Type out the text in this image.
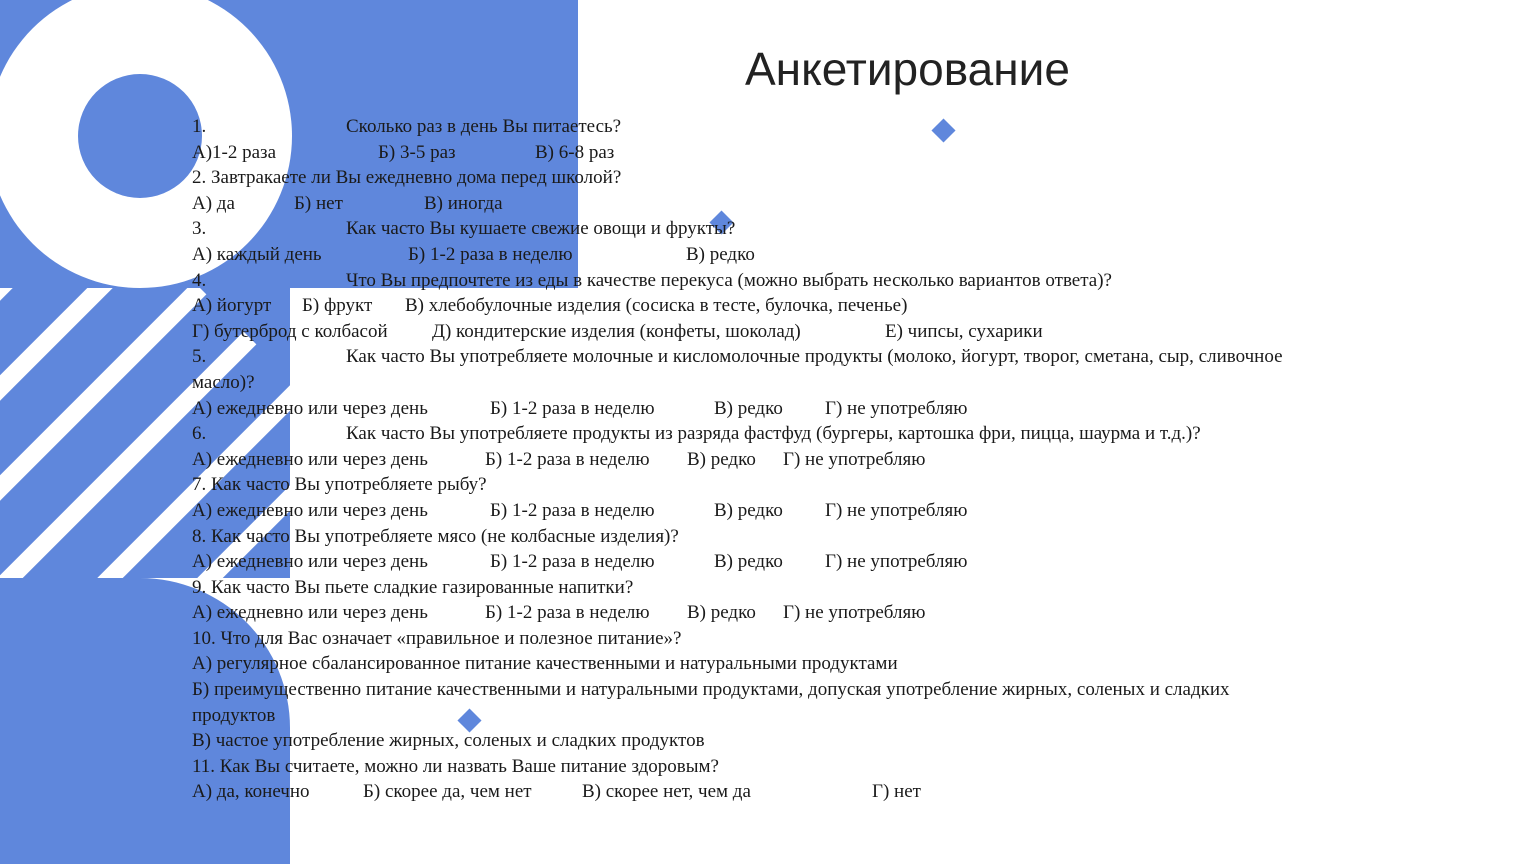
Анкетирование
1.	Сколько раз в день Вы питаетесь?
А)1-2 раза	Б) 3-5 раз	В) 6-8 раз
2. Завтракаете ли Вы ежедневно дома перед школой?
А) да	Б) нет	В) иногда
3.	Как часто Вы кушаете свежие овощи и фрукты?
А) каждый день	Б) 1-2 раза в неделю	В) редко
4.	Что Вы предпочтете из еды в качестве перекуса (можно выбрать несколько вариантов ответа)?
А) йогурт Б) фрукт В) хлебобулочные изделия (сосиска в тесте, булочка, печенье)
Г) бутерброд с колбасой Д) кондитерские изделия (конфеты, шоколад)	Е) чипсы, сухарики
5.	Как часто Вы употребляете молочные и кисломолочные продукты (молоко, йогурт, творог, сметана, сыр, сливочное
масло)?
А) ежедневно или через день	Б) 1-2 раза в неделю	В) редко Г) не употребляю
6.	Как часто Вы употребляете продукты из разряда фастфуд (бургеры, картошка фри, пицца, шаурма и т.д.)?
А) ежедневно или через день	Б) 1-2 раза в неделю В) редко Г) не употребляю
7. Как часто Вы употребляете рыбу?
А) ежедневно или через день	Б) 1-2 раза в неделю	В) редко Г) не употребляю
8. Как часто Вы употребляете мясо (не колбасные изделия)?
А) ежедневно или через день	Б) 1-2 раза в неделю	В) редко Г) не употребляю
9. Как часто Вы пьете сладкие газированные напитки?
А) ежедневно или через день	Б) 1-2 раза в неделю В) редко Г) не употребляю
10. Что для Вас означает «правильное и полезное питание»?
А) регулярное сбалансированное питание качественными и натуральными продуктами
Б) преимущественно питание качественными и натуральными продуктами, допуская употребление жирных, соленых и сладких
продуктов
В) частое употребление жирных, соленых и сладких продуктов
11. Как Вы считаете, можно ли назвать Ваше питание здоровым?
А) да, конечно	Б) скорее да, чем нет	В) скорее нет, чем да	Г) нет
